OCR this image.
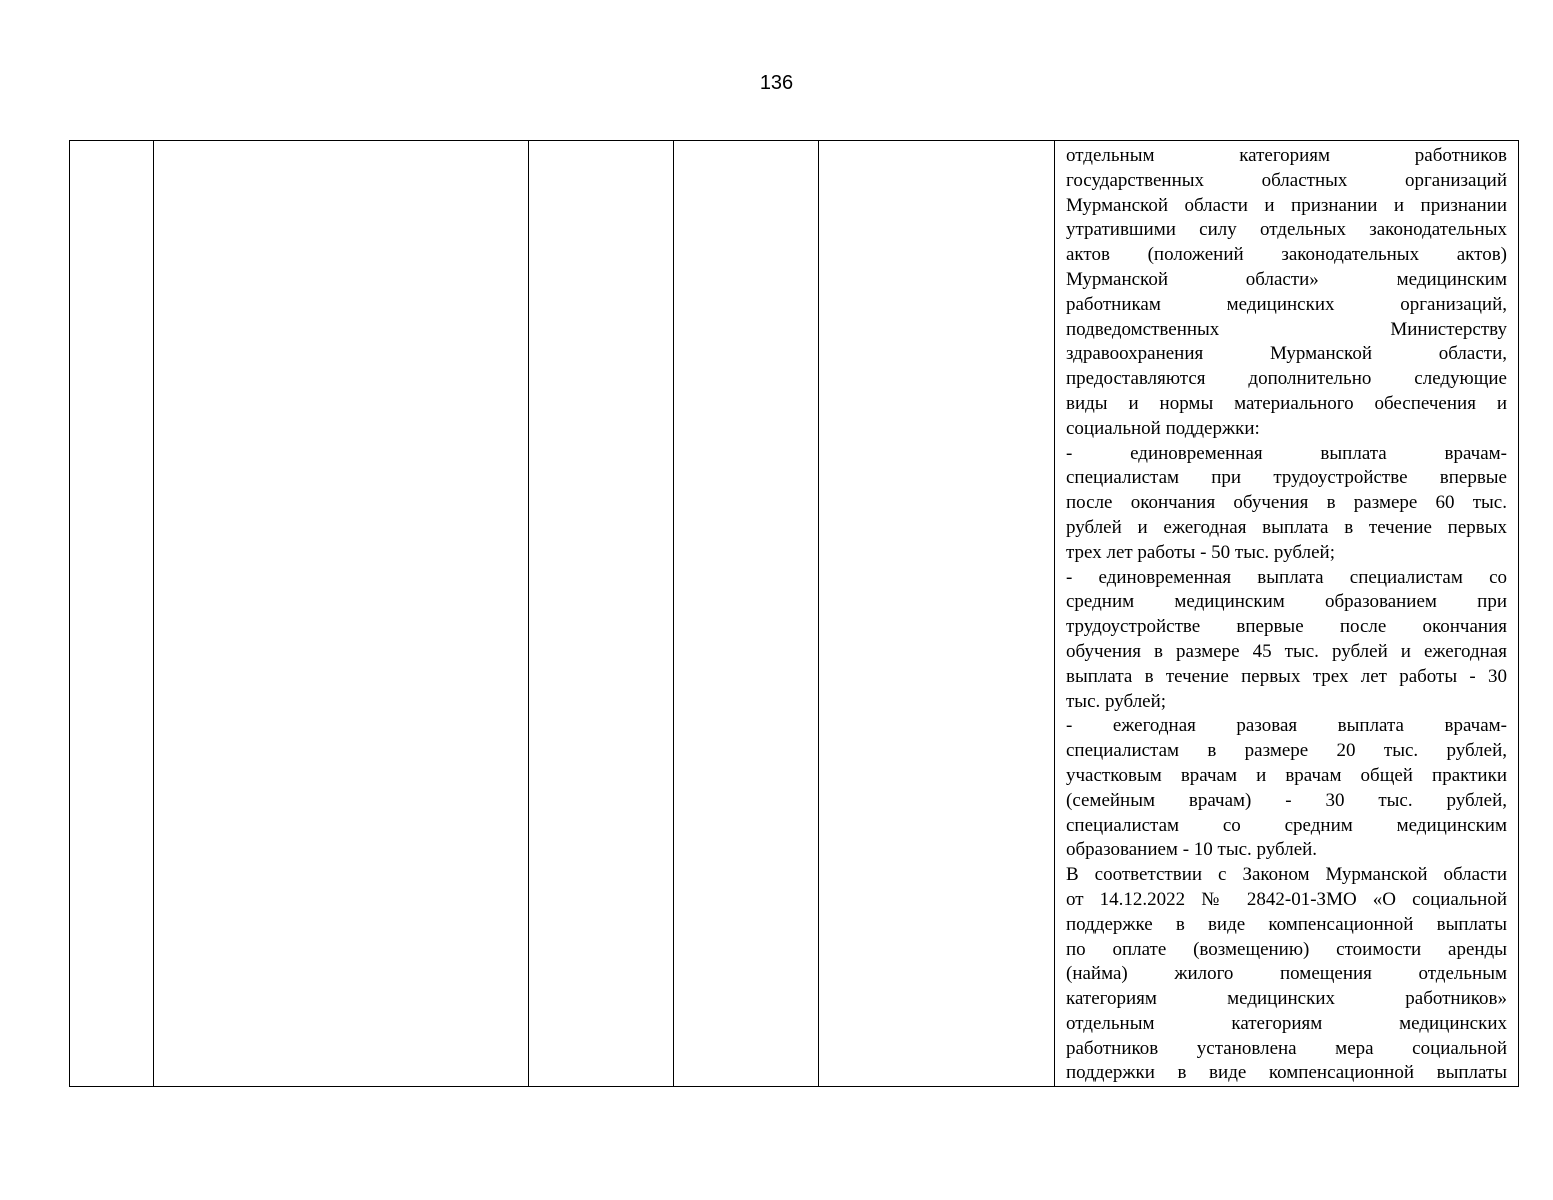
136

отдельным категориям работников
государственных областных организаций
Мурманской области и признании и признании
утратившими силу отдельных законодательных
актов (положений законодательных актов)
Мурманской области» медицинским
работникам медицинских организаций,
подведомственных Министерству
здравоохранения Мурманской области,
предоставляются дополнительно следующие
виды и нормы материального обеспечения и
социальной поддержки:
- единовременная выплата врачам-
специалистам при трудоустройстве впервые
после окончания обучения в размере 60 тыс.
рублей и ежегодная выплата в течение первых
трех лет работы - 50 тыс. рублей;
- единовременная выплата специалистам со
средним медицинским образованием при
трудоустройстве впервые после окончания
обучения в размере 45 тыс. рублей и ежегодная
выплата в течение первых трех лет работы - 30
тыс. рублей;
- ежегодная разовая выплата врачам-
специалистам в размере 20 тыс. рублей,
участковым врачам и врачам общей практики
(семейным врачам) - 30 тыс. рублей,
специалистам со средним медицинским
образованием - 10 тыс. рублей.
В соответствии с Законом Мурманской области
от 14.12.2022 № 2842-01-ЗМО «О социальной
поддержке в виде компенсационной выплаты
по оплате (возмещению) стоимости аренды
(найма) жилого помещения отдельным
категориям медицинских работников»
отдельным категориям медицинских
работников установлена мера социальной
поддержки в виде компенсационной выплаты
